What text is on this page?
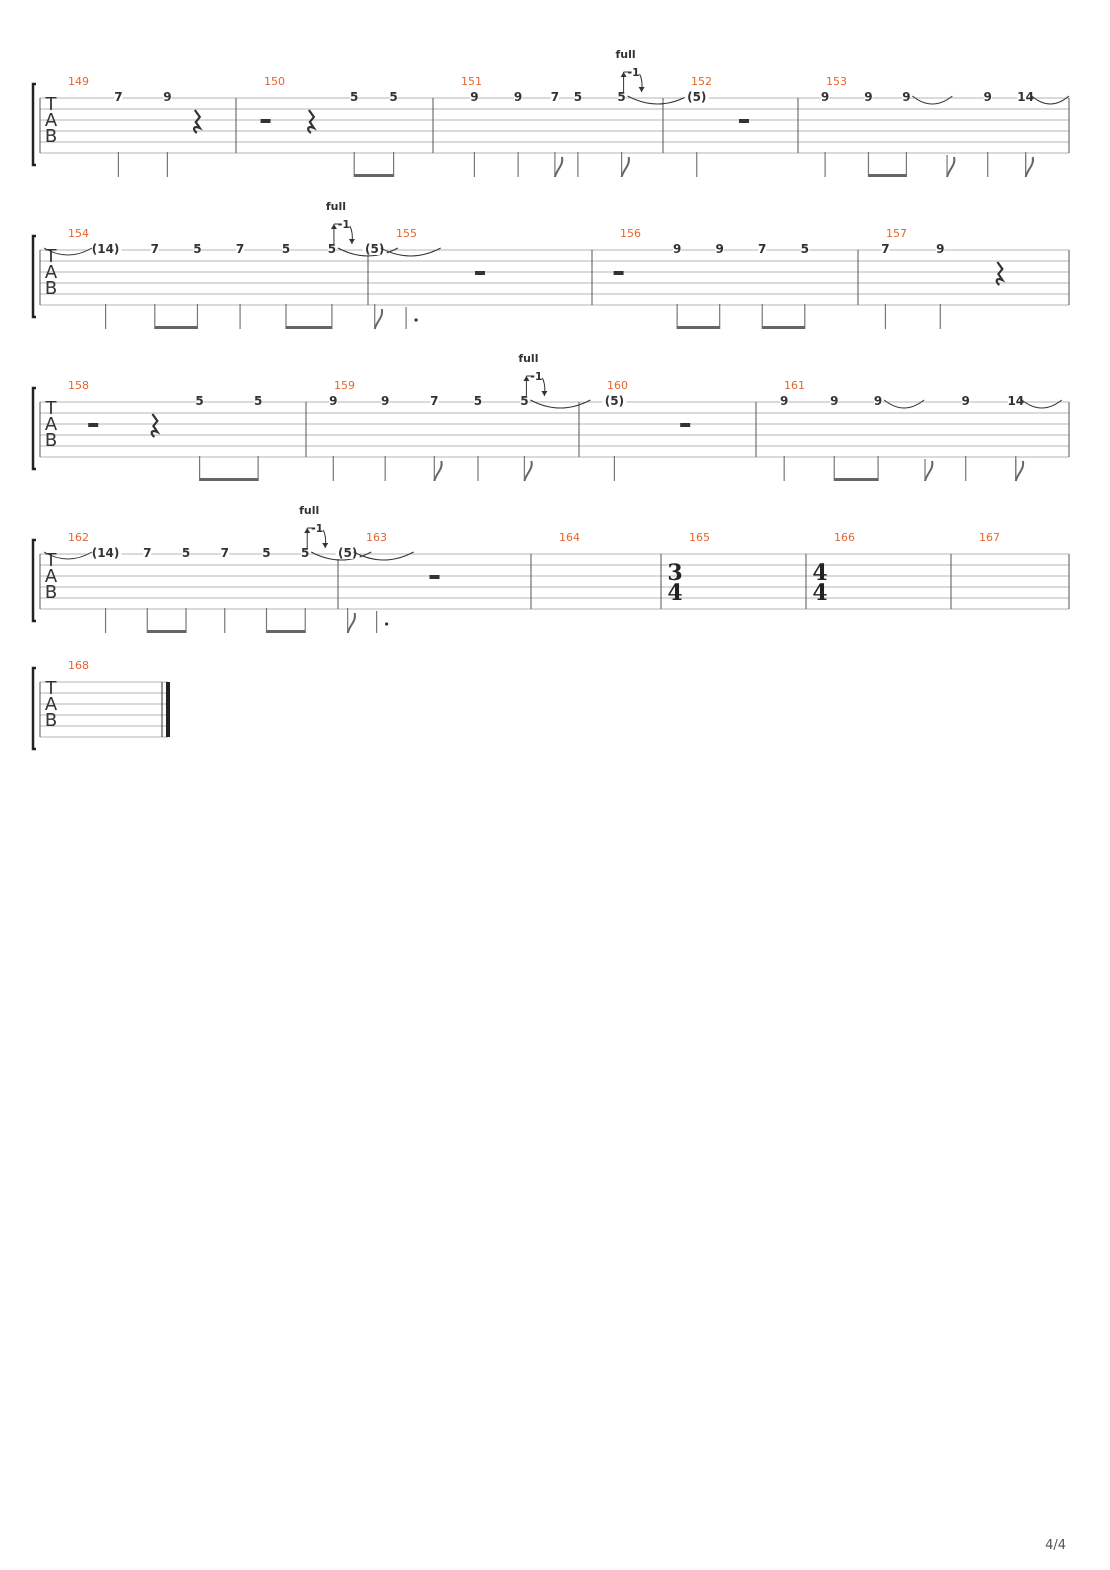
T
A
B
149	150	151	152	153
7	9	5	5	9	9 7 5	5
-1
full
(5)	9	9 9	9 14
T
A
B
154	155	156	157
(14)	7	5	7	5	5
-1
full
(5)	9	9	7	5	7	9
T
A
B
158	159	160	161
5	5	9	9	7	5	5
-1
full
(5)	9	9	9	9	14
T
A
B
162	163	164	165	166	167
(14) 7	5	7	5	5
-1
full
(5)
3
4
4
4
T
A
B
168
4/4
